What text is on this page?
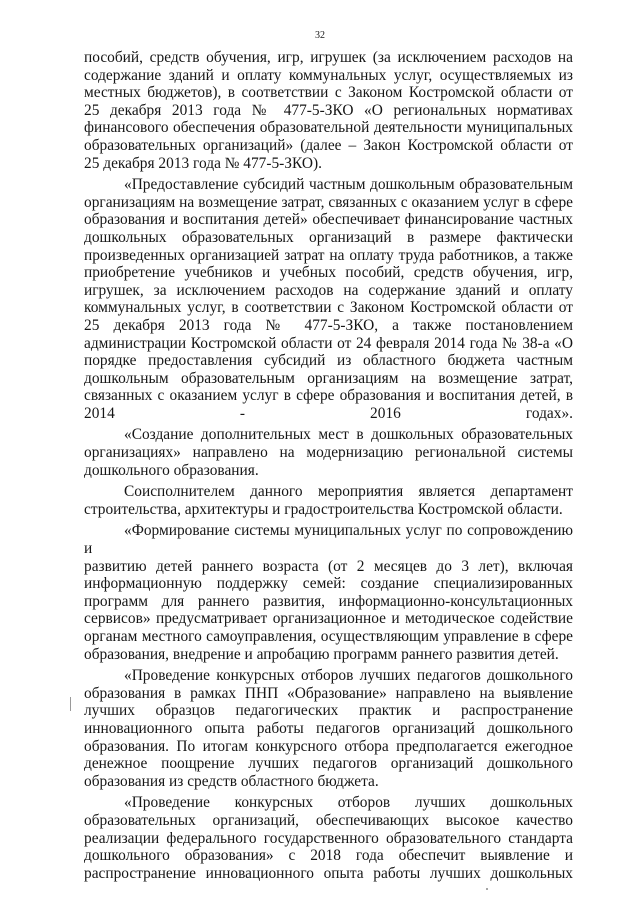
32

пособий, средств обучения, игр, игрушек (за исключением расходов на

содержание зданий и оплату коммунальных услуг, осуществляемых из

местных бюджетов), в соответствии с Законом Костромской области от

25 декабря 2013 года № 477-5-ЗКО «О региональных нормативах

финансового обеспечения образовательной деятельности муниципальных

образовательных организаций» (далее – Закон Костромской области от

25 декабря 2013 года № 477-5-ЗКО).

«Предоставление субсидий частным дошкольным образовательным

организациям на возмещение затрат, связанных с оказанием услуг в сфере

образования и воспитания детей» обеспечивает финансирование частных

дошкольных образовательных организаций в размере фактически

произведенных организацией затрат на оплату труда работников, а также

приобретение учебников и учебных пособий, средств обучения, игр,

игрушек, за исключением расходов на содержание зданий и оплату

коммунальных услуг, в соответствии с Законом Костромской области от

25 декабря 2013 года № 477-5-ЗКО, а также постановлением

администрации Костромской области от 24 февраля 2014 года № 38-а «О

порядке предоставления субсидий из областного бюджета частным

дошкольным образовательным организациям на возмещение затрат,

связанных с оказанием услуг в сфере образования и воспитания детей, в

2014 - 2016 годах».

«Создание дополнительных мест в дошкольных образовательных

организациях» направлено на модернизацию региональной системы

дошкольного образования.

Соисполнителем данного мероприятия является департамент

строительства, архитектуры и градостроительства Костромской области.

«Формирование системы муниципальных услуг по сопровождению и

развитию детей раннего возраста (от 2 месяцев до 3 лет), включая

информационную поддержку семей: создание специализированных

программ для раннего развития, информационно-консультационных

сервисов» предусматривает организационное и методическое содействие

органам местного самоуправления, осуществляющим управление в сфере

образования, внедрение и апробацию программ раннего развития детей.

«Проведение конкурсных отборов лучших педагогов дошкольного

образования в рамках ПНП «Образование» направлено на выявление

лучших образцов педагогических практик и распространение

инновационного опыта работы педагогов организаций дошкольного

образования. По итогам конкурсного отбора предполагается ежегодное

денежное поощрение лучших педагогов организаций дошкольного

образования из средств областного бюджета.

«Проведение конкурсных отборов лучших дошкольных

образовательных организаций, обеспечивающих высокое качество

реализации федерального государственного образовательного стандарта

дошкольного образования» с 2018 года обеспечит выявление и

распространение инновационного опыта работы лучших дошкольных
